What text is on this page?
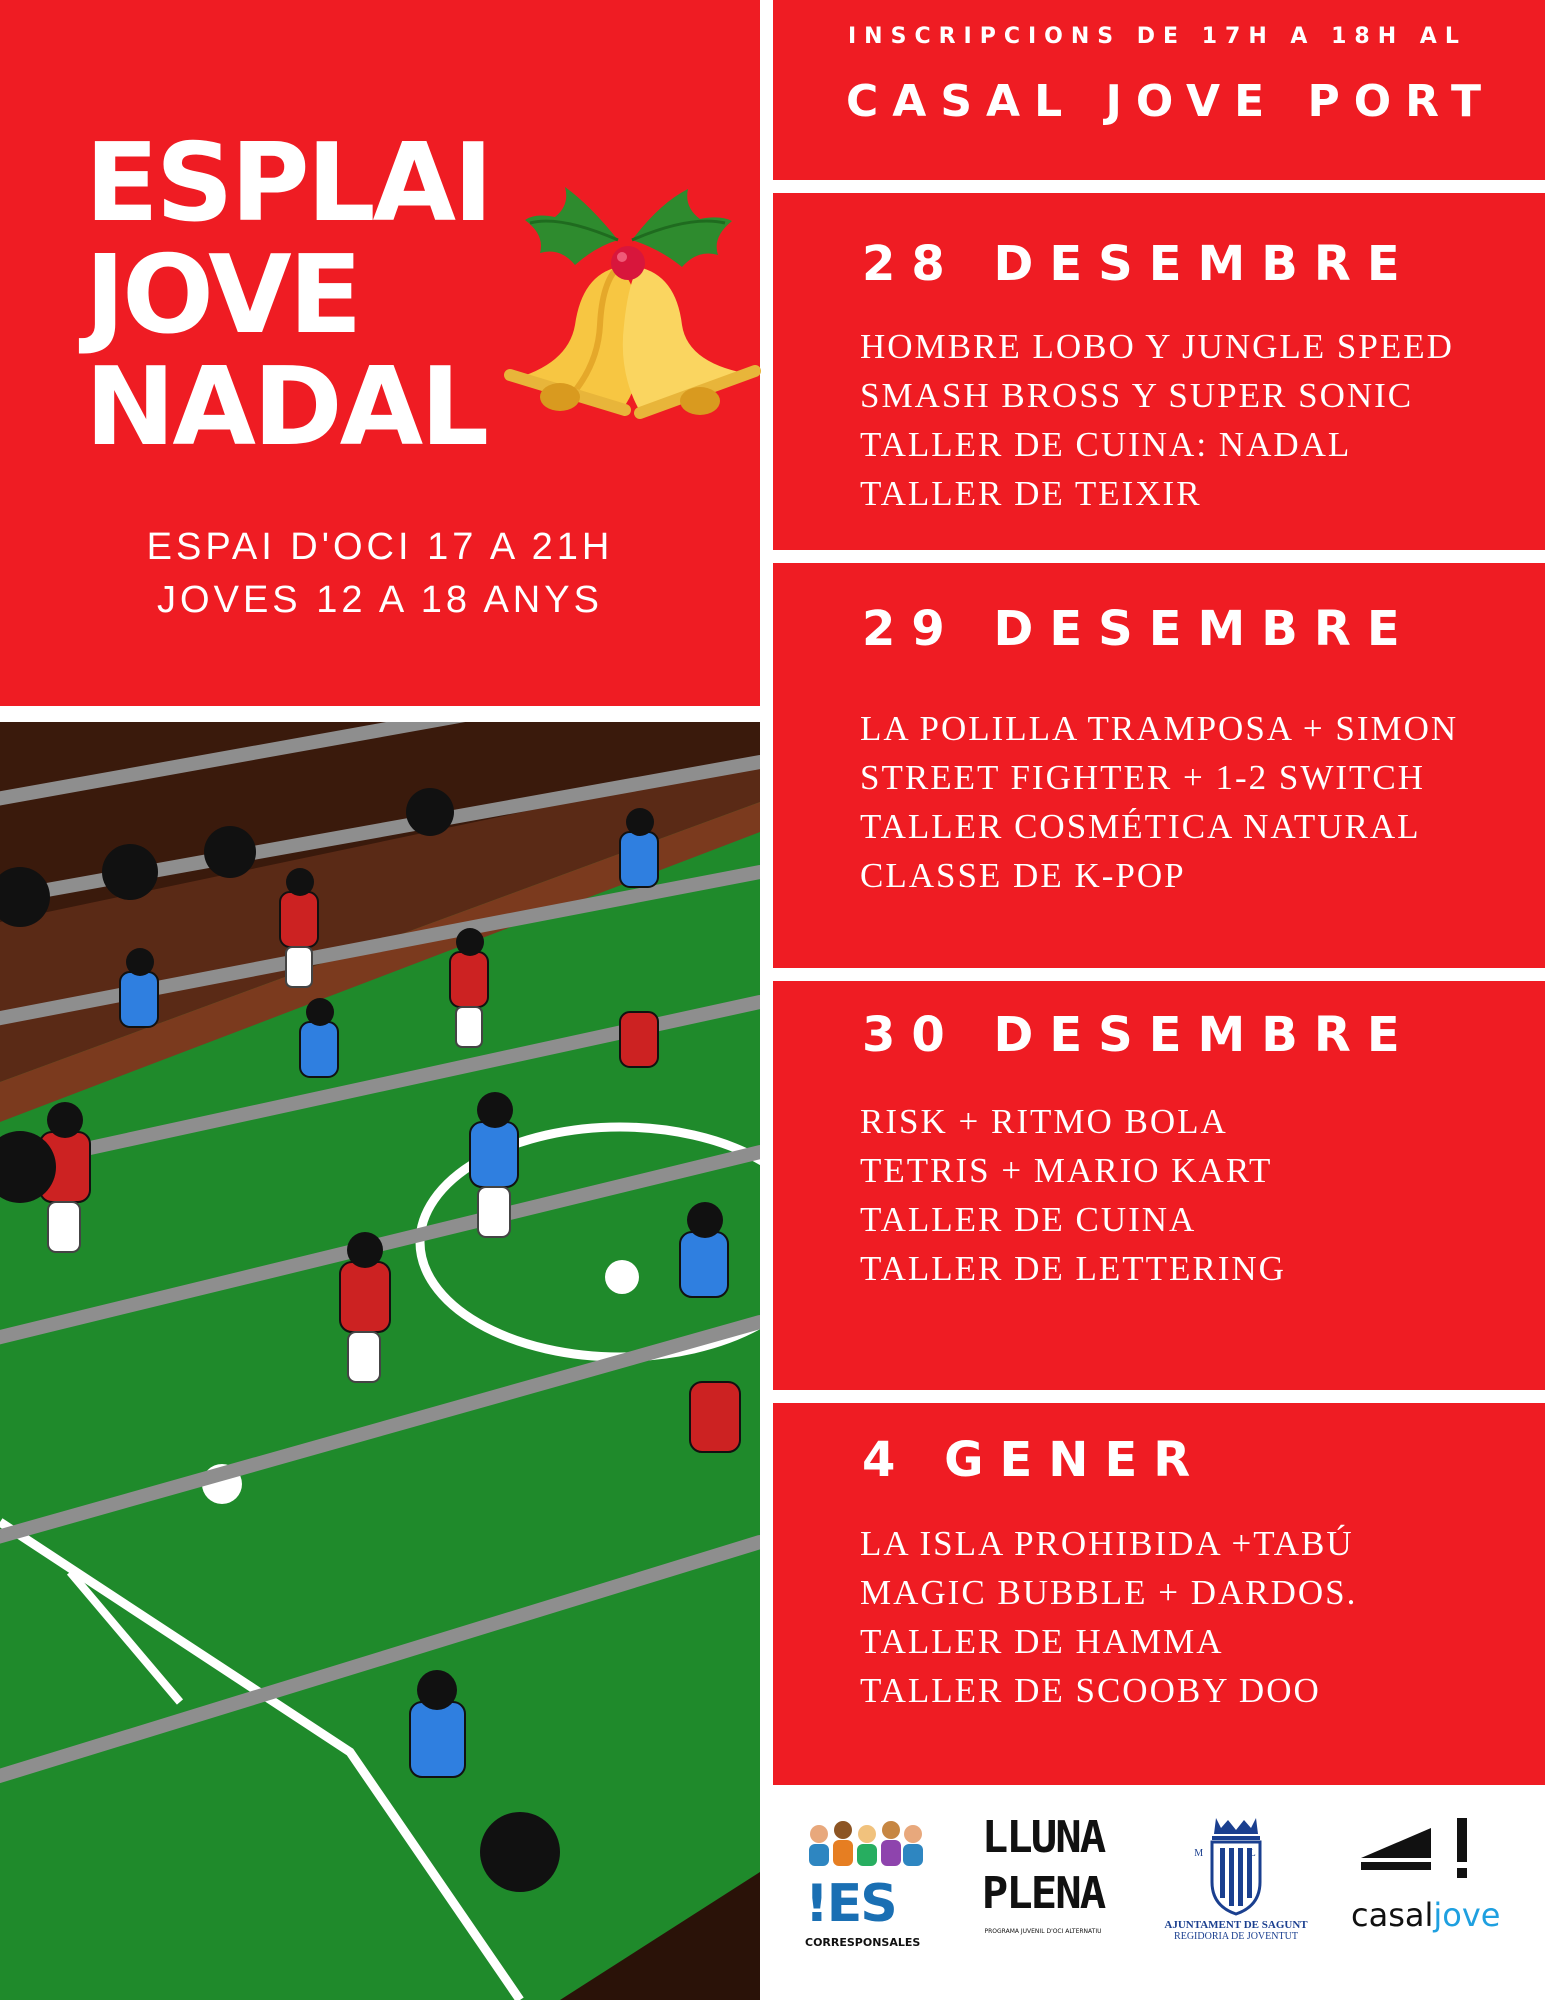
ESPLAI
JOVE
NADAL
ESPAI D'OCI 17 A 21H
JOVES 12 A 18 ANYS
INSCRIPCIONS DE 17H A 18H AL
CASAL JOVE PORT
28 DESEMBRE
HOMBRE LOBO Y JUNGLE SPEED
SMASH BROSS Y SUPER SONIC
TALLER DE CUINA: NADAL
TALLER DE TEIXIR
29 DESEMBRE
LA POLILLA TRAMPOSA + SIMON
STREET FIGHTER + 1-2 SWITCH
TALLER COSMÉTICA NATURAL
CLASSE DE K-POP
30 DESEMBRE
RISK + RITMO BOLA
TETRIS + MARIO KART
TALLER DE CUINA
TALLER DE LETTERING
4 GENER
LA ISLA PROHIBIDA +TABÚ
MAGIC BUBBLE + DARDOS.
TALLER DE HAMMA
TALLER DE SCOOBY DOO
!ES
CORRESPONSALES
LLUNA
PLENA
PROGRAMA JUVENIL D'OCI ALTERNATIU
M L
AJUNTAMENT DE SAGUNT
REGIDORIA DE JOVENTUT
casaljove
